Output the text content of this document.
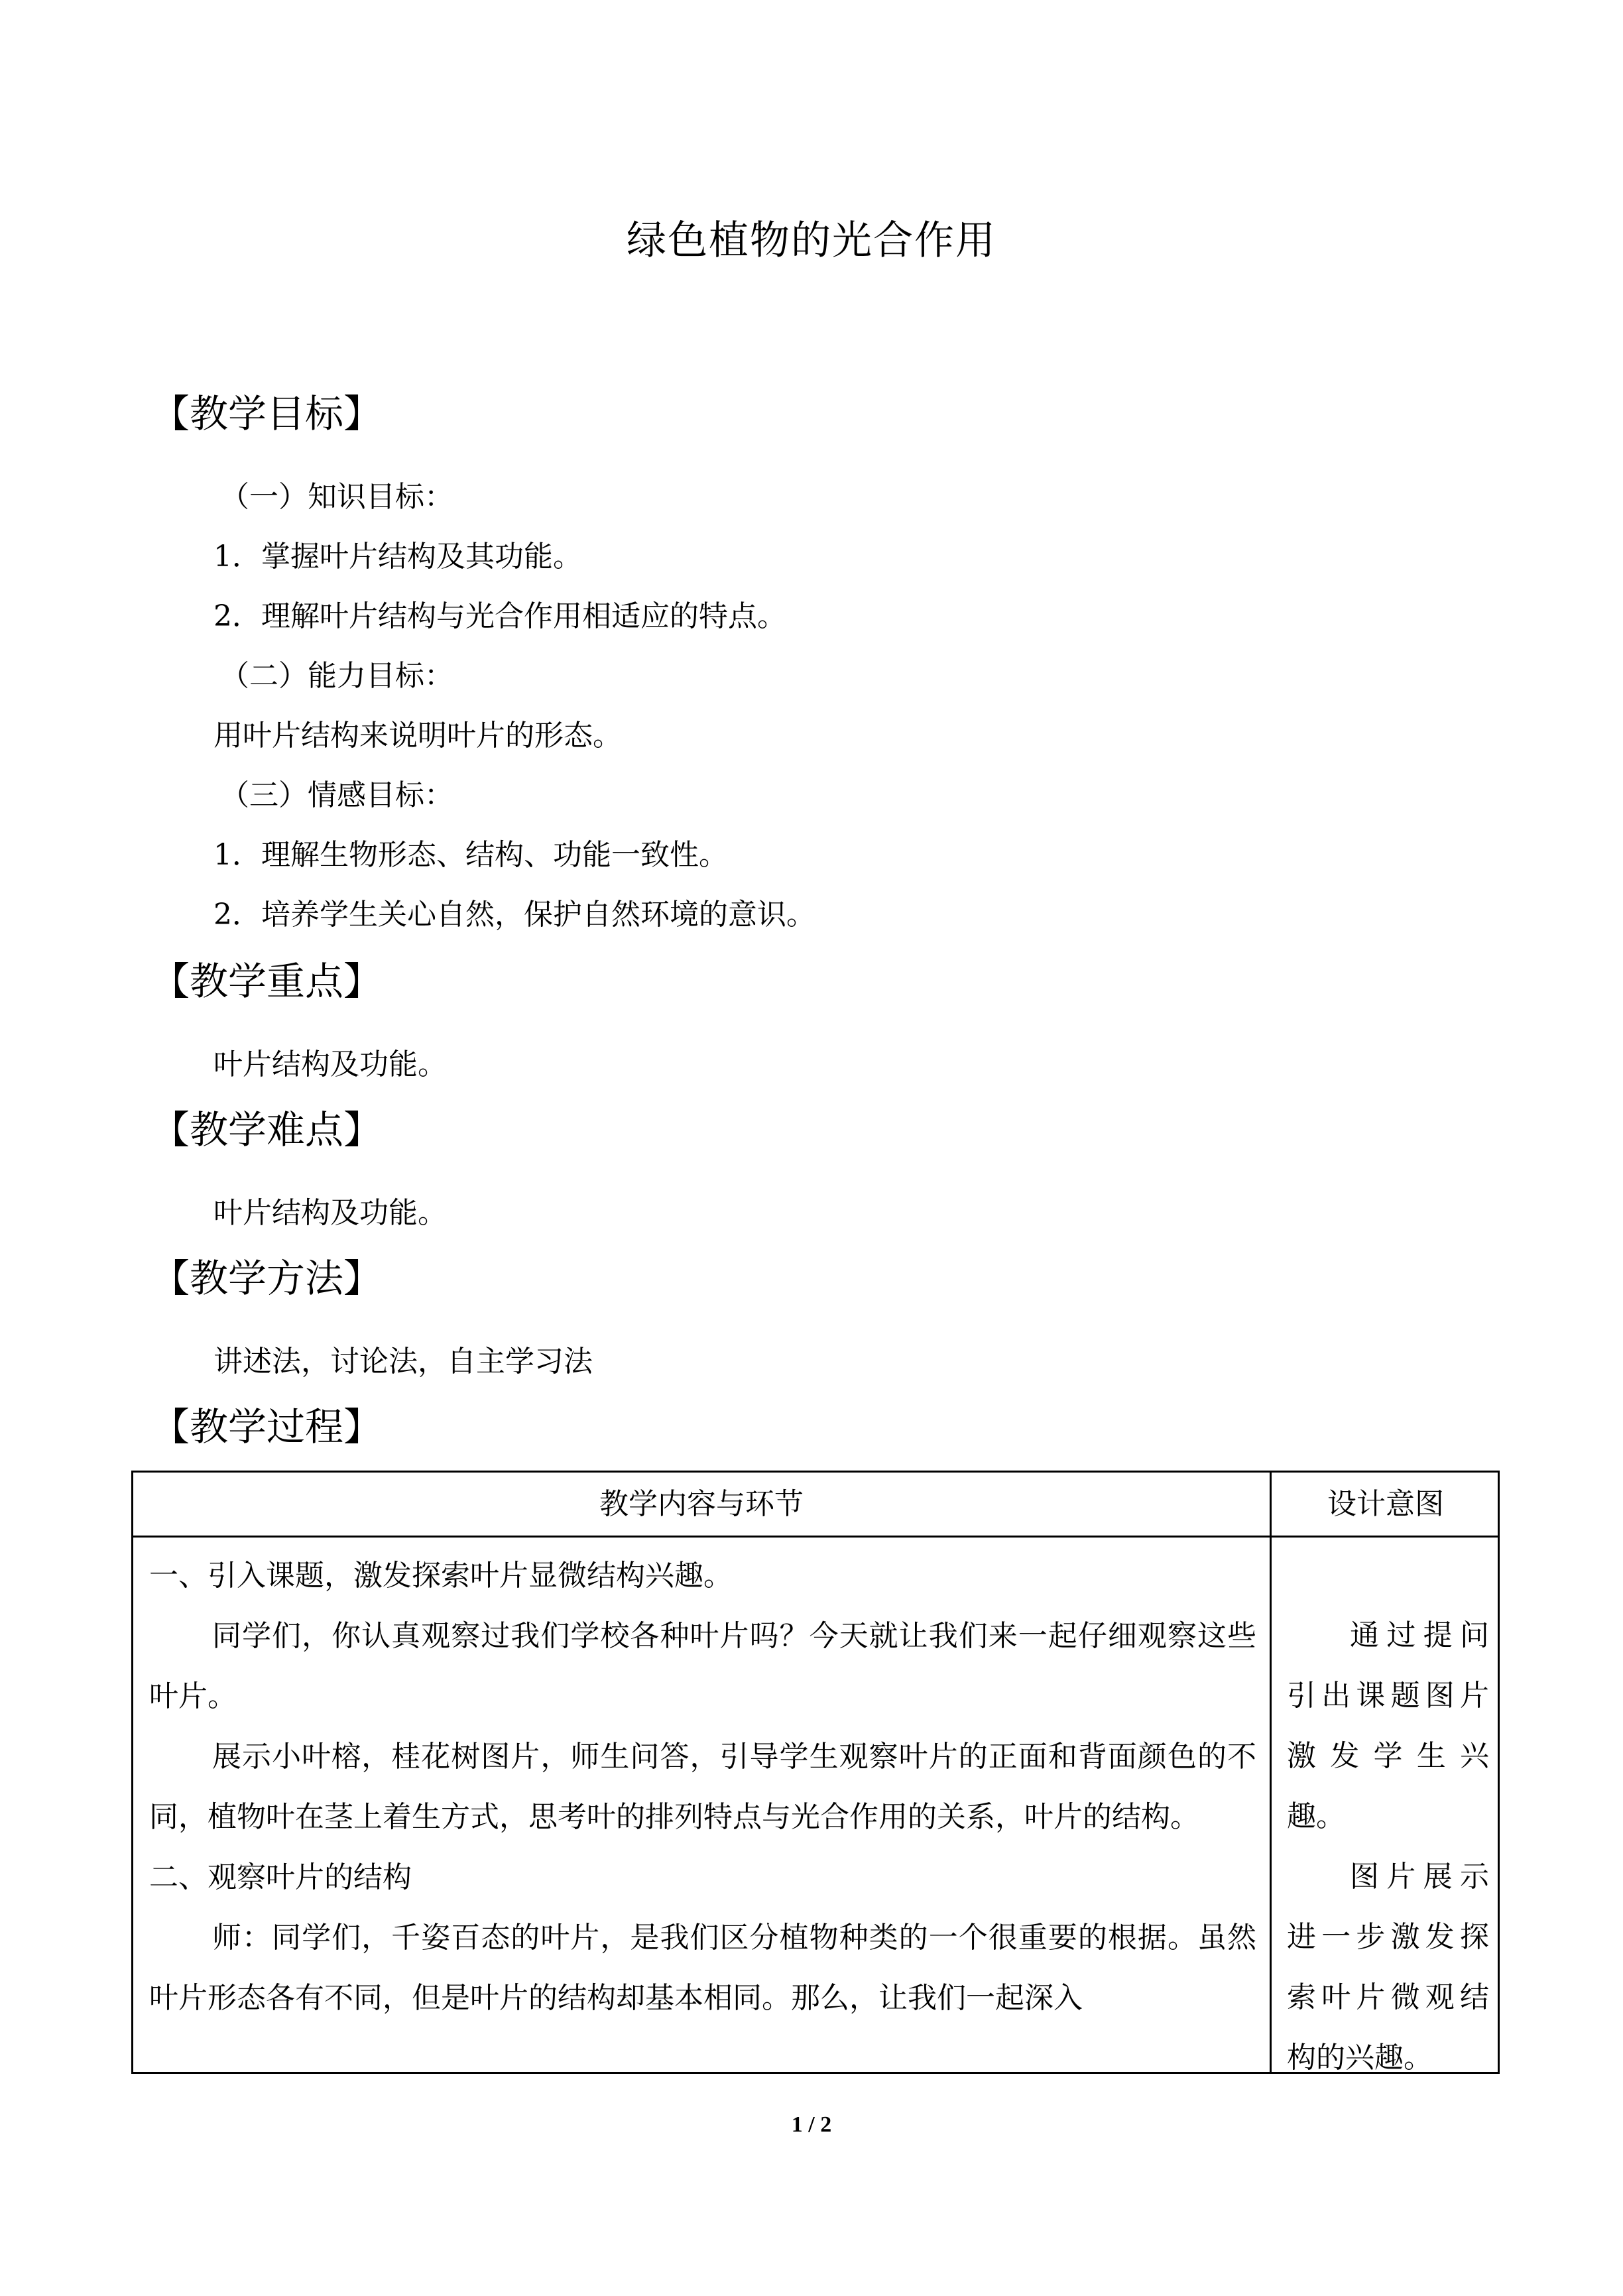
绿色植物的光合作用
【教学目标】

（一）知识目标：

1．掌握叶片结构及其功能。

2．理解叶片结构与光合作用相适应的特点。

（二）能力目标：

用叶片结构来说明叶片的形态。

（三）情感目标：

1．理解生物形态、结构、功能一致性。

2．培养学生关心自然，保护自然环境的意识。

【教学重点】

叶片结构及功能。

【教学难点】

叶片结构及功能。

【教学方法】

讲述法，讨论法，自主学习法

【教学过程】
教学内容与环节	设计意图

一、引入课题，激发探索叶片显微结构兴趣。

同学们，你认真观察过我们学校各种叶片吗？今天就让我们来一起仔细观察这些叶片。

展示小叶榕，桂花树图片，师生问答，引导学生观察叶片的正面和背面颜色的不同，植物叶在茎上着生方式，思考叶的排列特点与光合作用的关系，叶片的结构。

二、观察叶片的结构

师：同学们，千姿百态的叶片，是我们区分植物种类的一个很重要的根据。虽然叶片形态各有不同，但是叶片的结构却基本相同。那么，让我们一起深入

通过提问引出课题图片激发学生兴趣。

图片展示进一步激发探索叶片微观结构的兴趣。

1 / 2
